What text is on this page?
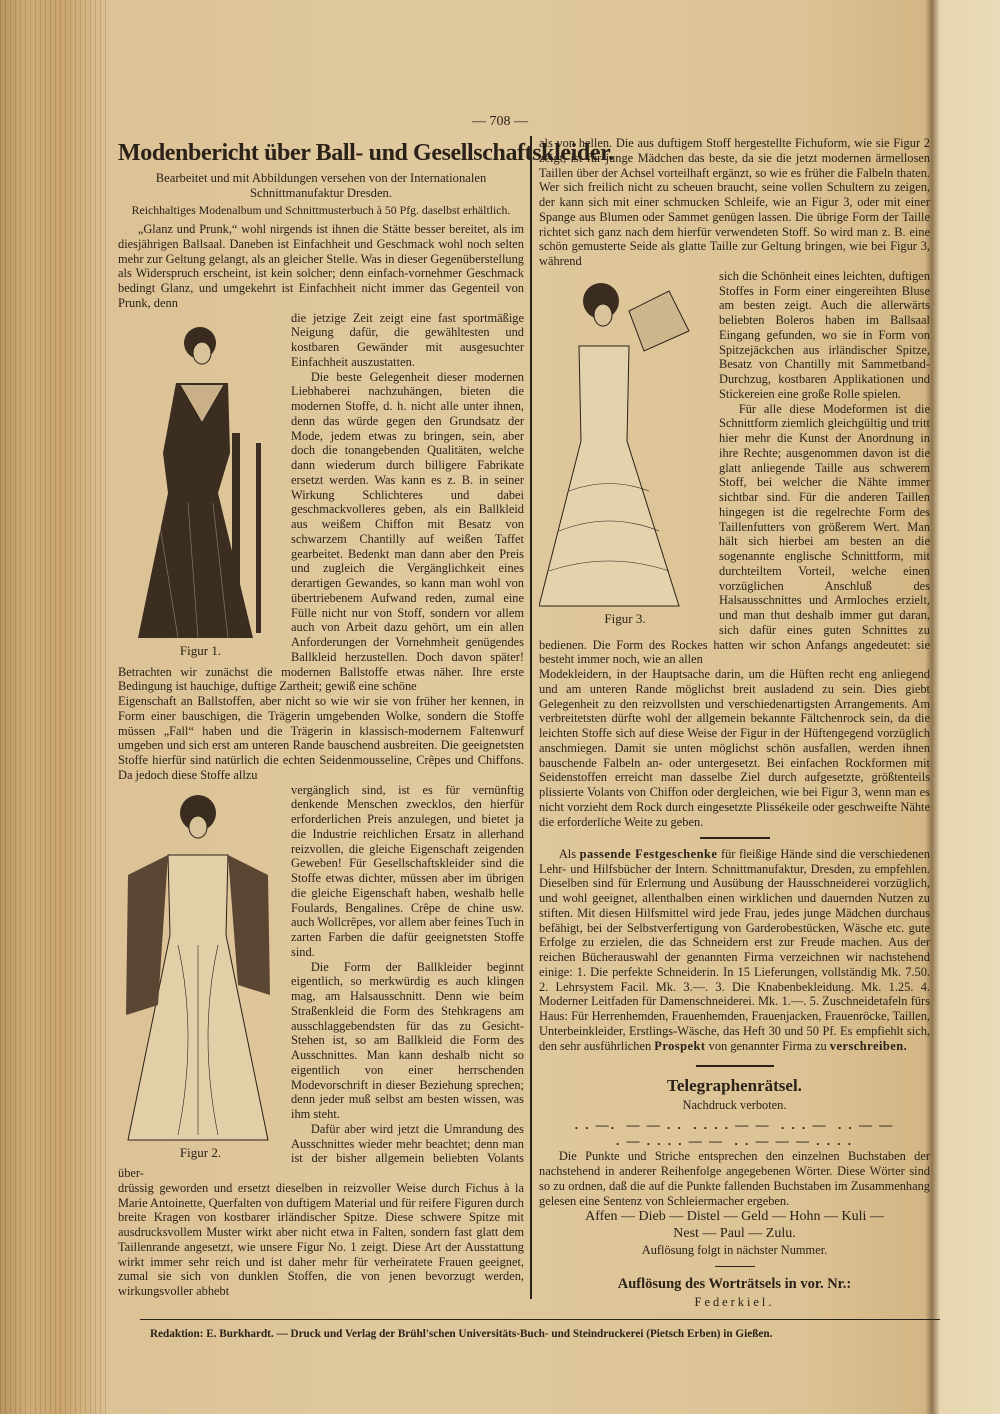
— 708 —
Modenbericht über Ball- und Gesellschaftskleider.
Bearbeitet und mit Abbildungen versehen von der Internationalen Schnittmanufaktur Dresden.
Reichhaltiges Modenalbum und Schnittmusterbuch à 50 Pfg. daselbst erhältlich.

„Glanz und Prunk,“ wohl nirgends ist ihnen die Stätte besser bereitet, als im diesjährigen Ballsaal. Daneben ist Einfachheit und Geschmack wohl noch selten mehr zur Geltung gelangt, als an gleicher Stelle. Was in dieser Gegenüberstellung als Widerspruch erscheint, ist kein solcher; denn einfach-vornehmer Geschmack bedingt Glanz, und umgekehrt ist Einfachheit nicht immer das Gegenteil von Prunk, denn

Figur 1.

die jetzige Zeit zeigt eine fast sportmäßige Neigung dafür, die gewähltesten und kostbaren Gewänder mit ausgesuchter Einfachheit auszustatten.

Die beste Gelegenheit dieser modernen Liebhaberei nachzuhängen, bieten die modernen Stoffe, d. h. nicht alle unter ihnen, denn das würde gegen den Grundsatz der Mode, jedem etwas zu bringen, sein, aber doch die tonangebenden Qualitäten, welche dann wiederum durch billigere Fabrikate ersetzt werden. Was kann es z. B. in seiner Wirkung Schlichteres und dabei geschmackvolleres geben, als ein Ballkleid aus weißem Chiffon mit Besatz von schwarzem Chantilly auf weißen Taffet gearbeitet. Bedenkt man dann aber den Preis und zugleich die Vergänglichkeit eines derartigen Gewandes, so kann man wohl von übertriebenem Aufwand reden, zumal eine Fülle nicht nur von Stoff, sondern vor allem auch von Arbeit dazu gehört, um ein allen Anforderungen der Vornehmheit genügendes Ballkleid herzustellen. Doch davon später! Betrachten wir zunächst die modernen Ballstoffe etwas näher. Ihre erste Bedingung ist hauchige, duftige Zartheit; gewiß eine schöne

Eigenschaft an Ballstoffen, aber nicht so wie wir sie von früher her kennen, in Form einer bauschigen, die Trägerin umgebenden Wolke, sondern die Stoffe müssen „Fall“ haben und die Trägerin in klassisch-modernem Faltenwurf umgeben und sich erst am unteren Rande bauschend ausbreiten. Die geeignetsten Stoffe hierfür sind natürlich die echten Seidenmousseline, Crêpes und Chiffons. Da jedoch diese Stoffe allzu

Figur 2.

vergänglich sind, ist es für vernünftig denkende Menschen zwecklos, den hierfür erforderlichen Preis anzulegen, und bietet ja die Industrie reichlichen Ersatz in allerhand reizvollen, die gleiche Eigenschaft zeigenden Geweben! Für Gesellschaftskleider sind die Stoffe etwas dichter, müssen aber im übrigen die gleiche Eigenschaft haben, weshalb helle Foulards, Bengalines. Crêpe de chine usw. auch Wollcrêpes, vor allem aber feines Tuch in zarten Farben die dafür geeignetsten Stoffe sind.

Die Form der Ballkleider beginnt eigentlich, so merkwürdig es auch klingen mag, am Halsausschnitt. Denn wie beim Straßenkleid die Form des Stehkragens am ausschlaggebendsten für das zu Gesicht-Stehen ist, so am Ballkleid die Form des Ausschnittes. Man kann deshalb nicht so eigentlich von einer herrschenden Modevorschrift in dieser Beziehung sprechen; denn jeder muß selbst am besten wissen, was ihm steht.

Dafür aber wird jetzt die Umrandung des Ausschnittes wieder mehr beachtet; denn man ist der bisher allgemein beliebten Volants über-

drüssig geworden und ersetzt dieselben in reizvoller Weise durch Fichus à la Marie Antoinette, Querfalten von duftigem Material und für reifere Figuren durch breite Kragen von kostbarer irländischer Spitze. Diese schwere Spitze mit ausdrucksvollem Muster wirkt aber nicht etwa in Falten, sondern fast glatt dem Taillenrande angesetzt, wie unsere Figur No. 1 zeigt. Diese Art der Ausstattung wirkt immer sehr reich und ist daher mehr für verheiratete Frauen geeignet, zumal sie sich von dunklen Stoffen, die von jenen bevorzugt werden, wirkungsvoller abhebt

als von hellen. Die aus duftigem Stoff hergestellte Fichuform, wie sie Figur 2 zeigt, ist für junge Mädchen das beste, da sie die jetzt modernen ärmellosen Taillen über der Achsel vorteilhaft ergänzt, so wie es früher die Falbeln thaten. Wer sich freilich nicht zu scheuen braucht, seine vollen Schultern zu zeigen, der kann sich mit einer schmucken Schleife, wie an Figur 3, oder mit einer Spange aus Blumen oder Sammet genügen lassen. Die übrige Form der Taille richtet sich ganz nach dem hierfür verwendeten Stoff. So wird man z. B. eine schön gemusterte Seide als glatte Taille zur Geltung bringen, wie bei Figur 3, während

Figur 3.

sich die Schönheit eines leichten, duftigen Stoffes in Form einer eingereihten Bluse am besten zeigt. Auch die allerwärts beliebten Boleros haben im Ballsaal Eingang gefunden, wo sie in Form von Spitzejäckchen aus irländischer Spitze, Besatz von Chantilly mit Sammetband-Durchzug, kostbaren Applikationen und Stickereien eine große Rolle spielen.

Für alle diese Modeformen ist die Schnittform ziemlich gleichgültig und tritt hier mehr die Kunst der Anordnung in ihre Rechte; ausgenommen davon ist die glatt anliegende Taille aus schwerem Stoff, bei welcher die Nähte immer sichtbar sind. Für die anderen Taillen hingegen ist die regelrechte Form des Taillenfutters von größerem Wert. Man hält sich hierbei am besten an die sogenannte englische Schnittform, mit durchteiltem Vorteil, welche einen vorzüglichen Anschluß des Halsausschnittes und Armloches erzielt, und man thut deshalb immer gut daran, sich dafür eines guten Schnittes zu bedienen. Die Form des Rockes hatten wir schon Anfangs angedeutet: sie besteht immer noch, wie an allen

Modekleidern, in der Hauptsache darin, um die Hüften recht eng anliegend und am unteren Rande möglichst breit ausladend zu sein. Dies giebt Gelegenheit zu den reizvollsten und verschiedenartigsten Arrangements. Am verbreitetsten dürfte wohl der allgemein bekannte Fältchenrock sein, da die leichten Stoffe sich auf diese Weise der Figur in der Hüftengegend vorzüglich anschmiegen. Damit sie unten möglichst schön ausfallen, werden ihnen bauschende Falbeln an- oder untergesetzt. Bei einfachen Rockformen mit Seidenstoffen erreicht man dasselbe Ziel durch aufgesetzte, größtenteils plissierte Volants von Chiffon oder dergleichen, wie bei Figur 3, wenn man es nicht vorzieht dem Rock durch eingesetzte Plissékeile oder geschweifte Nähte die erforderliche Weite zu geben.

Als passende Festgeschenke für fleißige Hände sind die verschiedenen Lehr- und Hilfsbücher der Intern. Schnittmanufaktur, Dresden, zu empfehlen. Dieselben sind für Erlernung und Ausübung der Hausschneiderei vorzüglich, und wohl geeignet, allenthalben einen wirklichen und dauernden Nutzen zu stiften. Mit diesen Hilfsmittel wird jede Frau, jedes junge Mädchen durchaus befähigt, bei der Selbstverfertigung von Garderobestücken, Wäsche etc. gute Erfolge zu erzielen, die das Schneidern erst zur Freude machen. Aus der reichen Bücherauswahl der genannten Firma verzeichnen wir nachstehend einige: 1. Die perfekte Schneiderin. In 15 Lieferungen, vollständig Mk. 7.50. 2. Lehrsystem Facil. Mk. 3.—. 3. Die Knabenbekleidung. Mk. 1.25. 4. Moderner Leitfaden für Damenschneiderei. Mk. 1.—. 5. Zuschneidetafeln fürs Haus: Für Herrenhemden, Frauenhemden, Frauenjacken, Frauenröcke, Taillen, Unterbeinkleider, Erstlings-Wäsche, das Heft 30 und 50 Pf. Es empfiehlt sich, den sehr ausführlichen Prospekt von genannter Firma zu verschreiben.

Telegraphenrätsel.
Nachdruck verboten.
. . —.  — — . .  . . . . — —  . . . —  . . — —
. — . . . . — —  . . — — — . . . .

Die Punkte und Striche entsprechen den einzelnen Buchstaben der nachstehend in anderer Reihenfolge angegebenen Wörter. Diese Wörter sind so zu ordnen, daß die auf die Punkte fallenden Buchstaben im Zusammenhang gelesen eine Sentenz von Schleiermacher ergeben.

Affen — Dieb — Distel — Geld — Hohn — Kuli —
Nest — Paul — Zulu.
Auflösung folgt in nächster Nummer.
Auflösung des Worträtsels in vor. Nr.:
Federkiel.
Redaktion: E. Burkhardt. — Druck und Verlag der Brühl'schen Universitäts-Buch- und Steindruckerei (Pietsch Erben) in Gießen.
